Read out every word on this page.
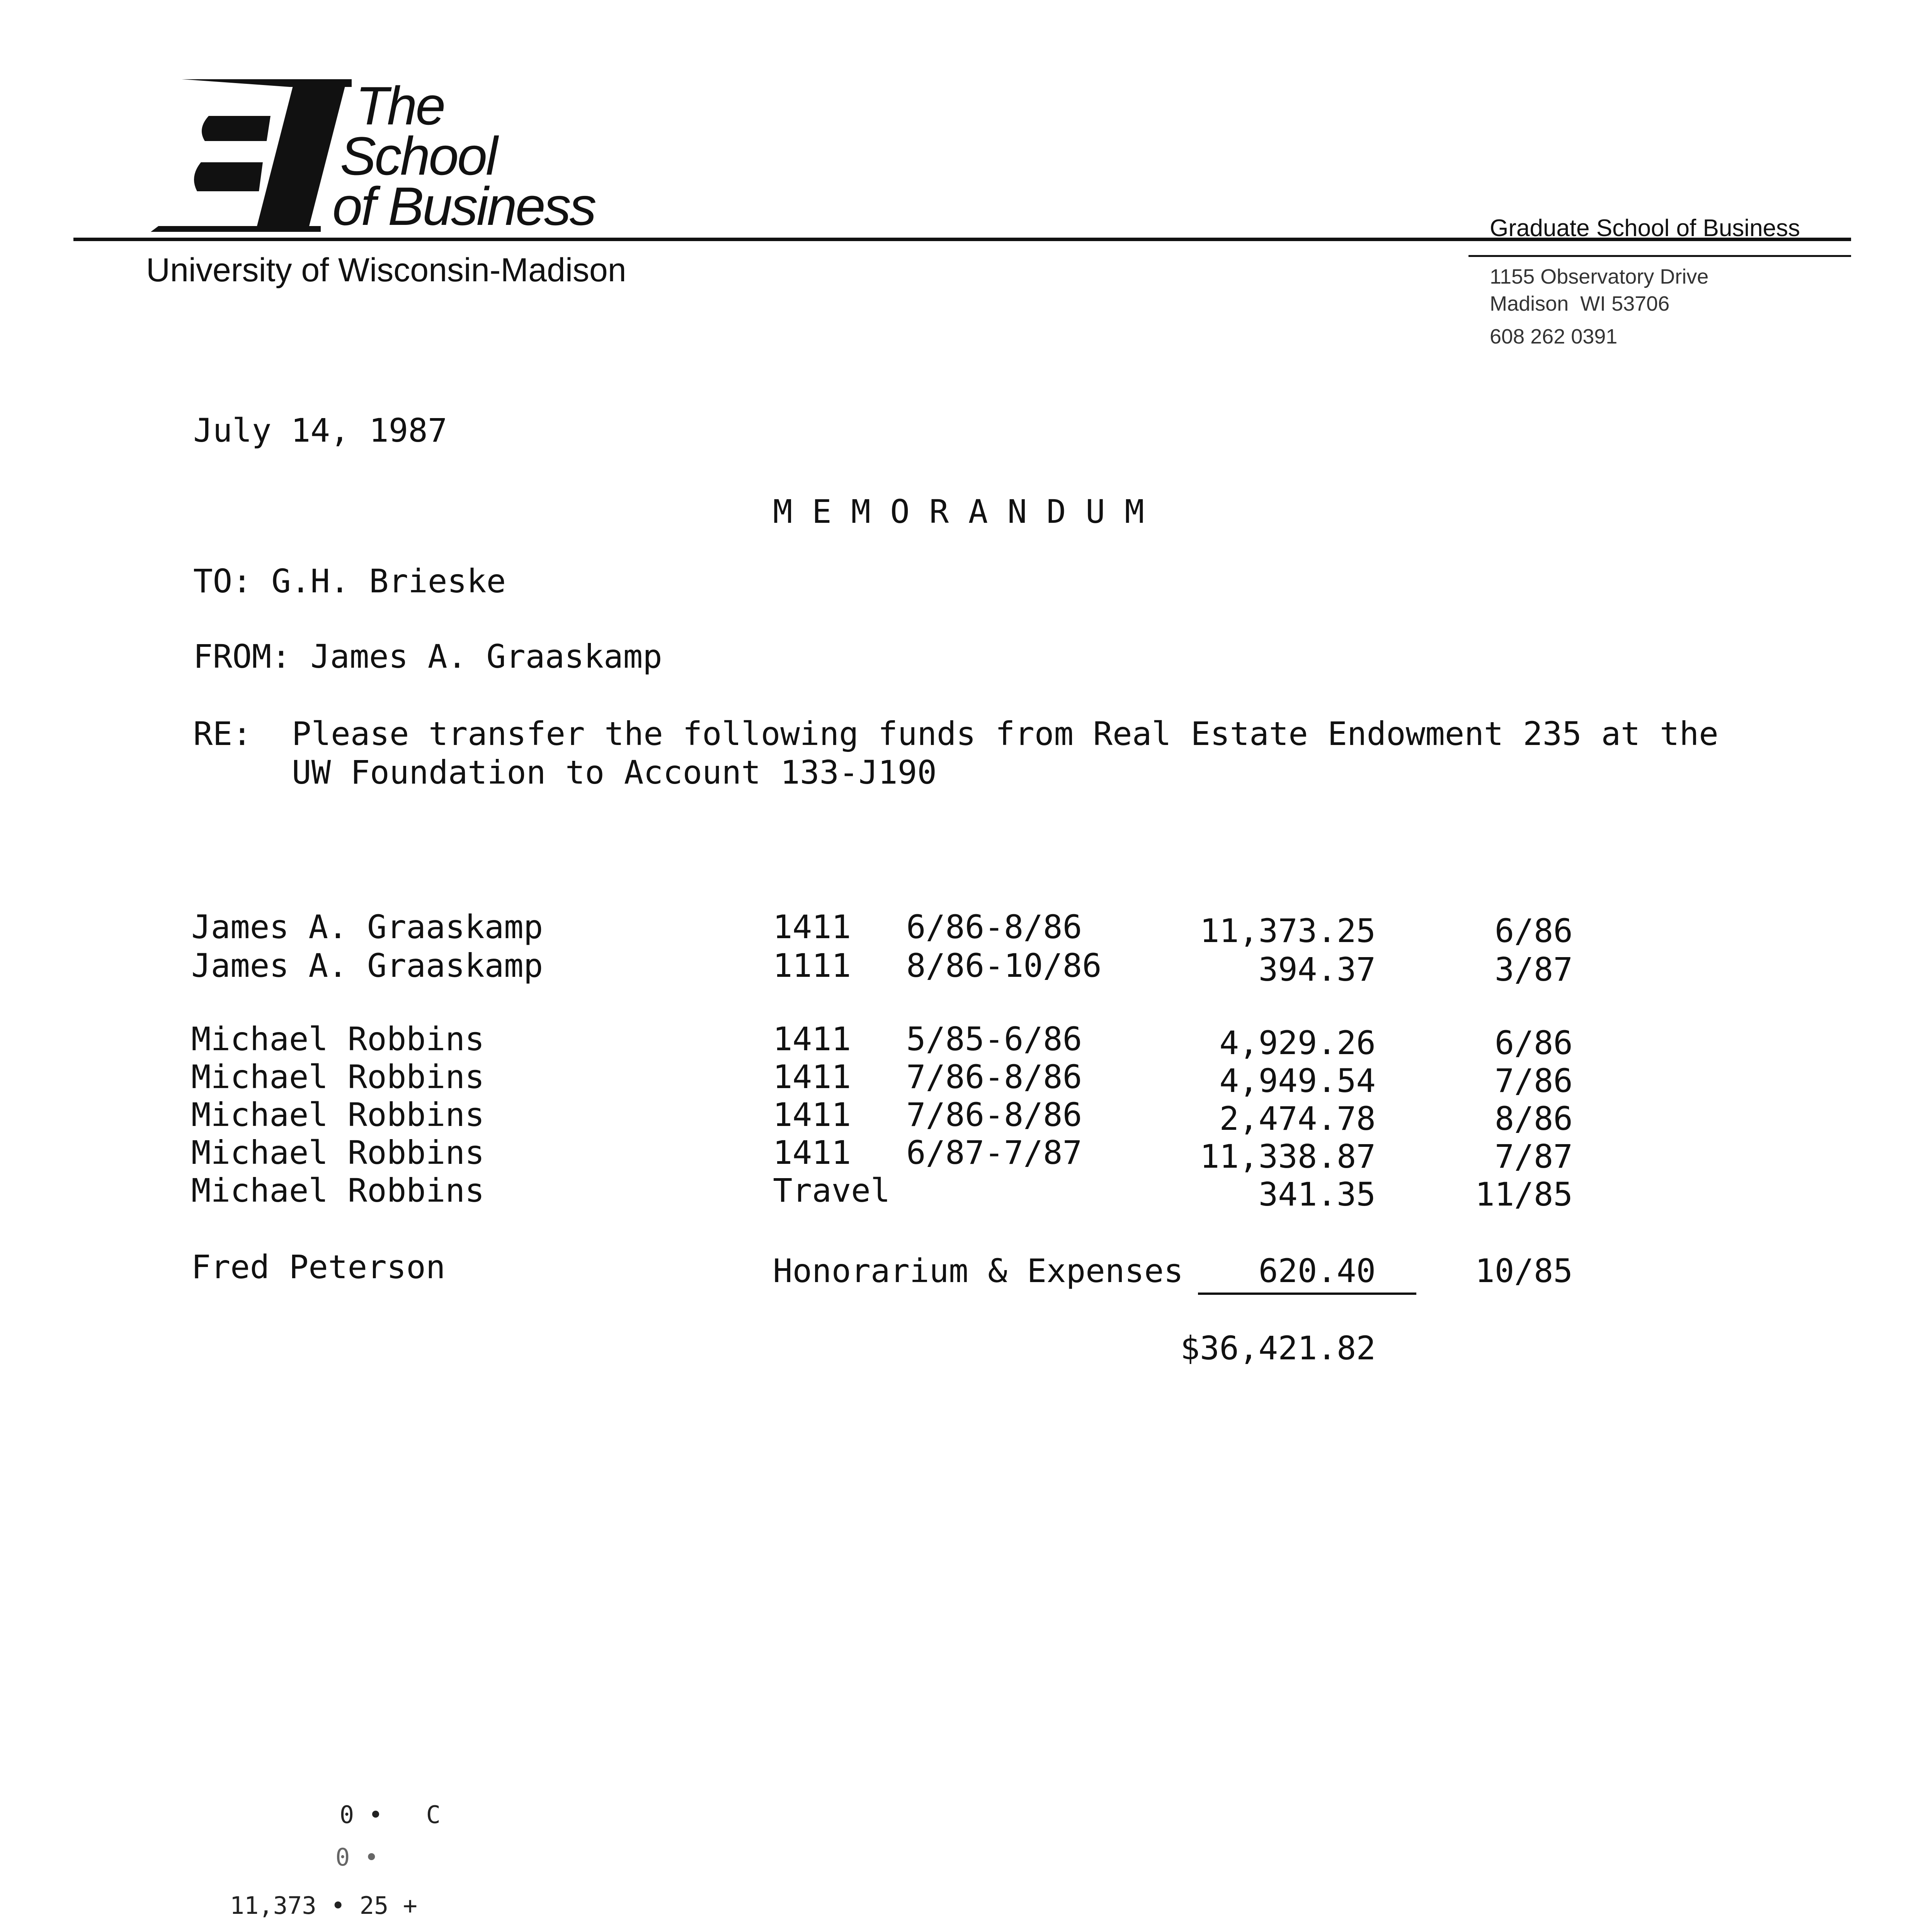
The
School
of Business
University of Wisconsin-Madison
Graduate School of Business
1155 Observatory Drive
Madison  WI 53706
608 262 0391
July 14, 1987
M E M O R A N D U M
TO: G.H. Brieske
FROM: James A. Graaskamp
RE: Please transfer the following funds from Real Estate Endowment 235 at the
UW Foundation to Account 133-J190
James A. Graaskamp	1411 6/86-8/86	11,373.25	6/86
James A. Graaskamp	1111 8/86-10/86	394.37	3/87
Michael Robbins	1411 5/85-6/86	4,929.26	6/86
Michael Robbins	1411 7/86-8/86	4,949.54	7/86
Michael Robbins	1411 7/86-8/86	2,474.78	8/86
Michael Robbins	1411 6/87-7/87	11,338.87	7/87
Michael Robbins	Travel	341.35	11/85
Fred Peterson	Honorarium & Expenses	620.40	10/85
$36,421.82
0 •   C
0 •
11,373 • 25 +
